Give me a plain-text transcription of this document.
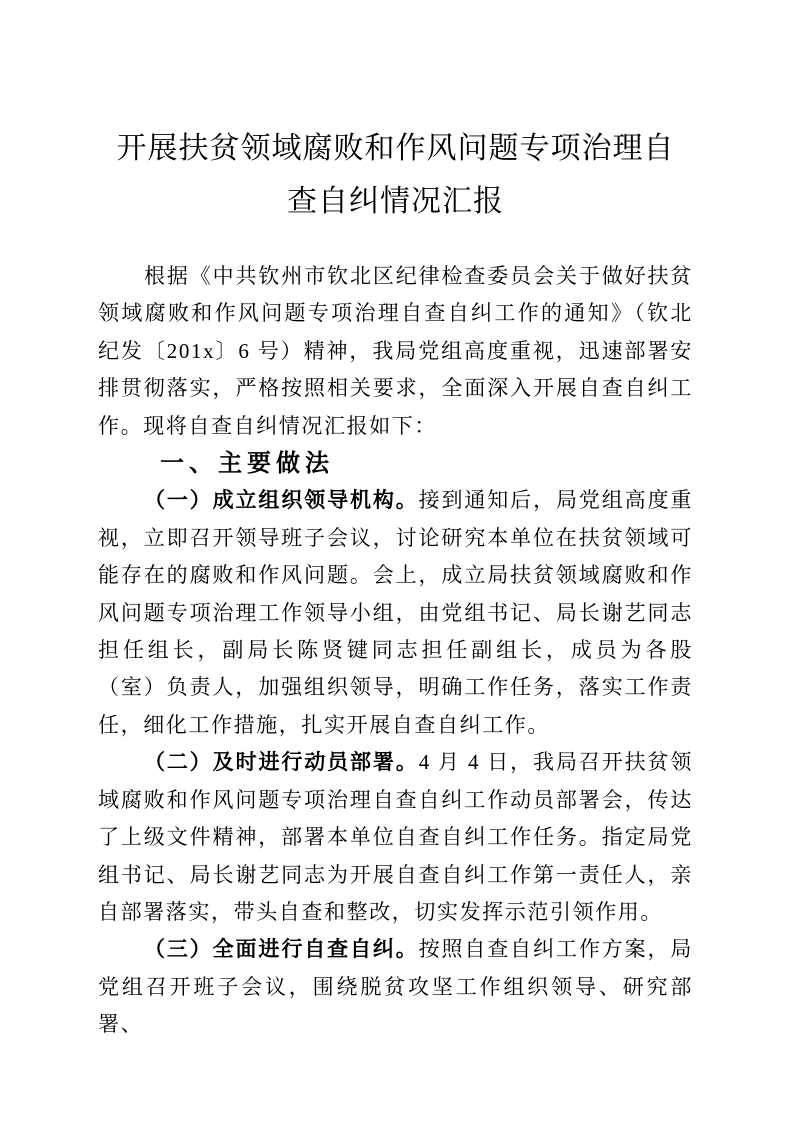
开展扶贫领域腐败和作风问题专项治理自查自纠情况汇报

根据《中共钦州市钦北区纪律检查委员会关于做好扶贫领域腐败和作风问题专项治理自查自纠工作的通知》（钦北纪发〔201x〕6 号）精神，我局党组高度重视，迅速部署安排贯彻落实，严格按照相关要求，全面深入开展自查自纠工作。现将自查自纠情况汇报如下：

一、主要做法

（一）成立组织领导机构。接到通知后，局党组高度重视，立即召开领导班子会议，讨论研究本单位在扶贫领域可能存在的腐败和作风问题。会上，成立局扶贫领域腐败和作风问题专项治理工作领导小组，由党组书记、局长谢艺同志担任组长，副局长陈贤键同志担任副组长，成员为各股（室）负责人，加强组织领导，明确工作任务，落实工作责任，细化工作措施，扎实开展自查自纠工作。

（二）及时进行动员部署。4 月 4 日，我局召开扶贫领域腐败和作风问题专项治理自查自纠工作动员部署会，传达了上级文件精神，部署本单位自查自纠工作任务。指定局党组书记、局长谢艺同志为开展自查自纠工作第一责任人，亲自部署落实，带头自查和整改，切实发挥示范引领作用。

（三）全面进行自查自纠。按照自查自纠工作方案，局党组召开班子会议，围绕脱贫攻坚工作组织领导、研究部署、
